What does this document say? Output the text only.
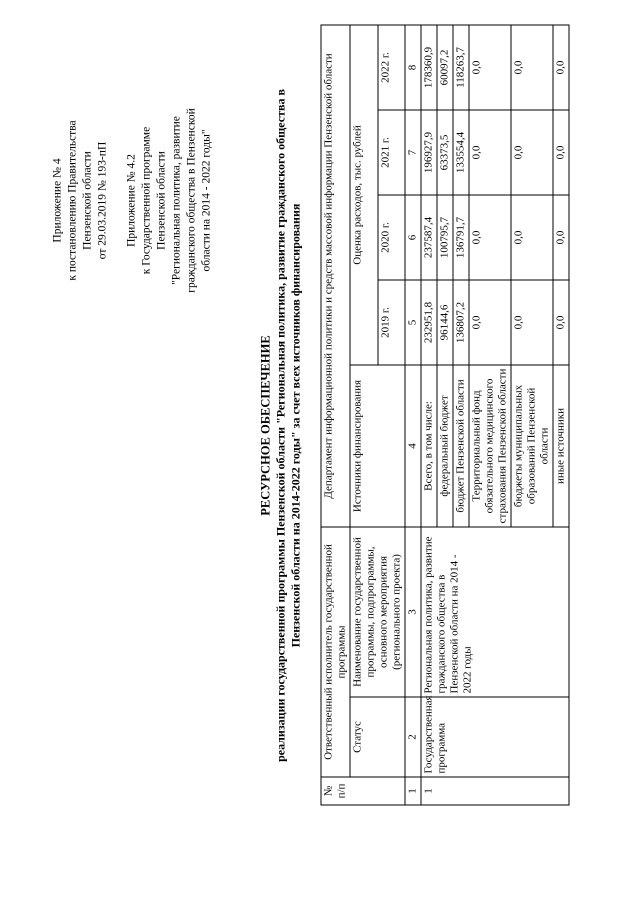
Приложение № 4 к постановлению Правительства Пензенской области от 29.03.2019 № 193-пП Приложение № 4.2 к Государственной программе Пензенской области "Региональная политика, развитие гражданского общества в Пензенской области на 2014 - 2022 годы"

РЕСУРСНОЕ ОБЕСПЕЧЕНИЕ реализации государственной программы Пензенской области "Региональная политика, развитие гражданского общества в Пензенской области на 2014-2022 годы" за счет всех источников финансирования

№ п/п	Ответственный исполнитель государственной программы		Департамент информационной политики и средств массовой информации Пензенской области				
	Статус	Наименование государственной программы, подпрограммы, основного мероприятия (регионального проекта)	Источники финансирования	Оценка расходов, тыс. рублей			
				2019 г.	2020 г.	2021 г.	2022 г.
1	2	3	4	5	6	7	8
1	Государственная программа	Региональная политика, развитие гражданского общества в Пензенской области на 2014 - 2022 годы	Всего, в том числе:	232951,8	237587,4	196927,9	178360,9
			федеральный бюджет	96144,6	100795,7	63373,5	60097,2
			бюджет Пензенской области	136807,2	136791,7	133554,4	118263,7
			Территориальный фонд обязательного медицинского страхования Пензенской области	0,0	0,0	0,0	0,0
			бюджеты муниципальных образований Пензенской области	0,0	0,0	0,0	0,0
			иные источники	0,0	0,0	0,0	0,0
